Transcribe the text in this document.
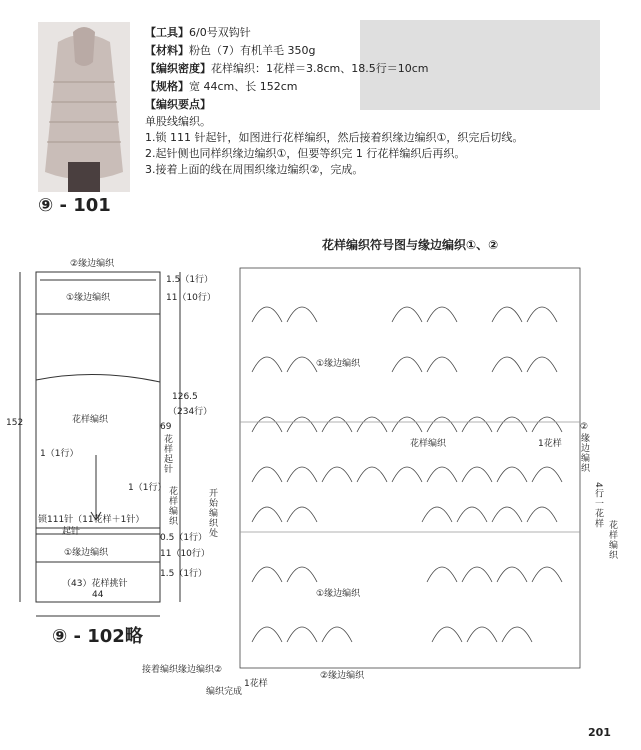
⑨ - 101
【工具】6/0号双钩针
【材料】粉色（7）有机羊毛 350g
【编织密度】花样编织：1花样＝3.8cm、18.5行＝10cm
【规格】宽 44cm、长 152cm
【编织要点】
单股线编织。
1.锁 111 针起针，如图进行花样编织，然后接着织缘边编织①，织完后切线。
2.起针侧也同样织缘边编织①，但要等织完 1 行花样编织后再织。
3.接着上面的线在周围织缘边编织②，完成。
②缘边编织
①缘边编织
花样编织
①缘边编织
1.5（1行）
11（10行）
126.5
（234行）
152
1（1行）
1（1行）
69
花样起针
花样编织
锁111针（11花样＋1针）
起针
0.5（1行）
11（10行）
1.5（1行）
（43）花样挑针
44
⑨ - 102略
花样编织符号图与缘边编织①、②
①缘边编织
花样编织
①缘边编织
②缘边编织
②缘边编织
1花样
4行一花样
花样编织
开始编织处
接着编织缘边编织②
编织完成
1花样
201
